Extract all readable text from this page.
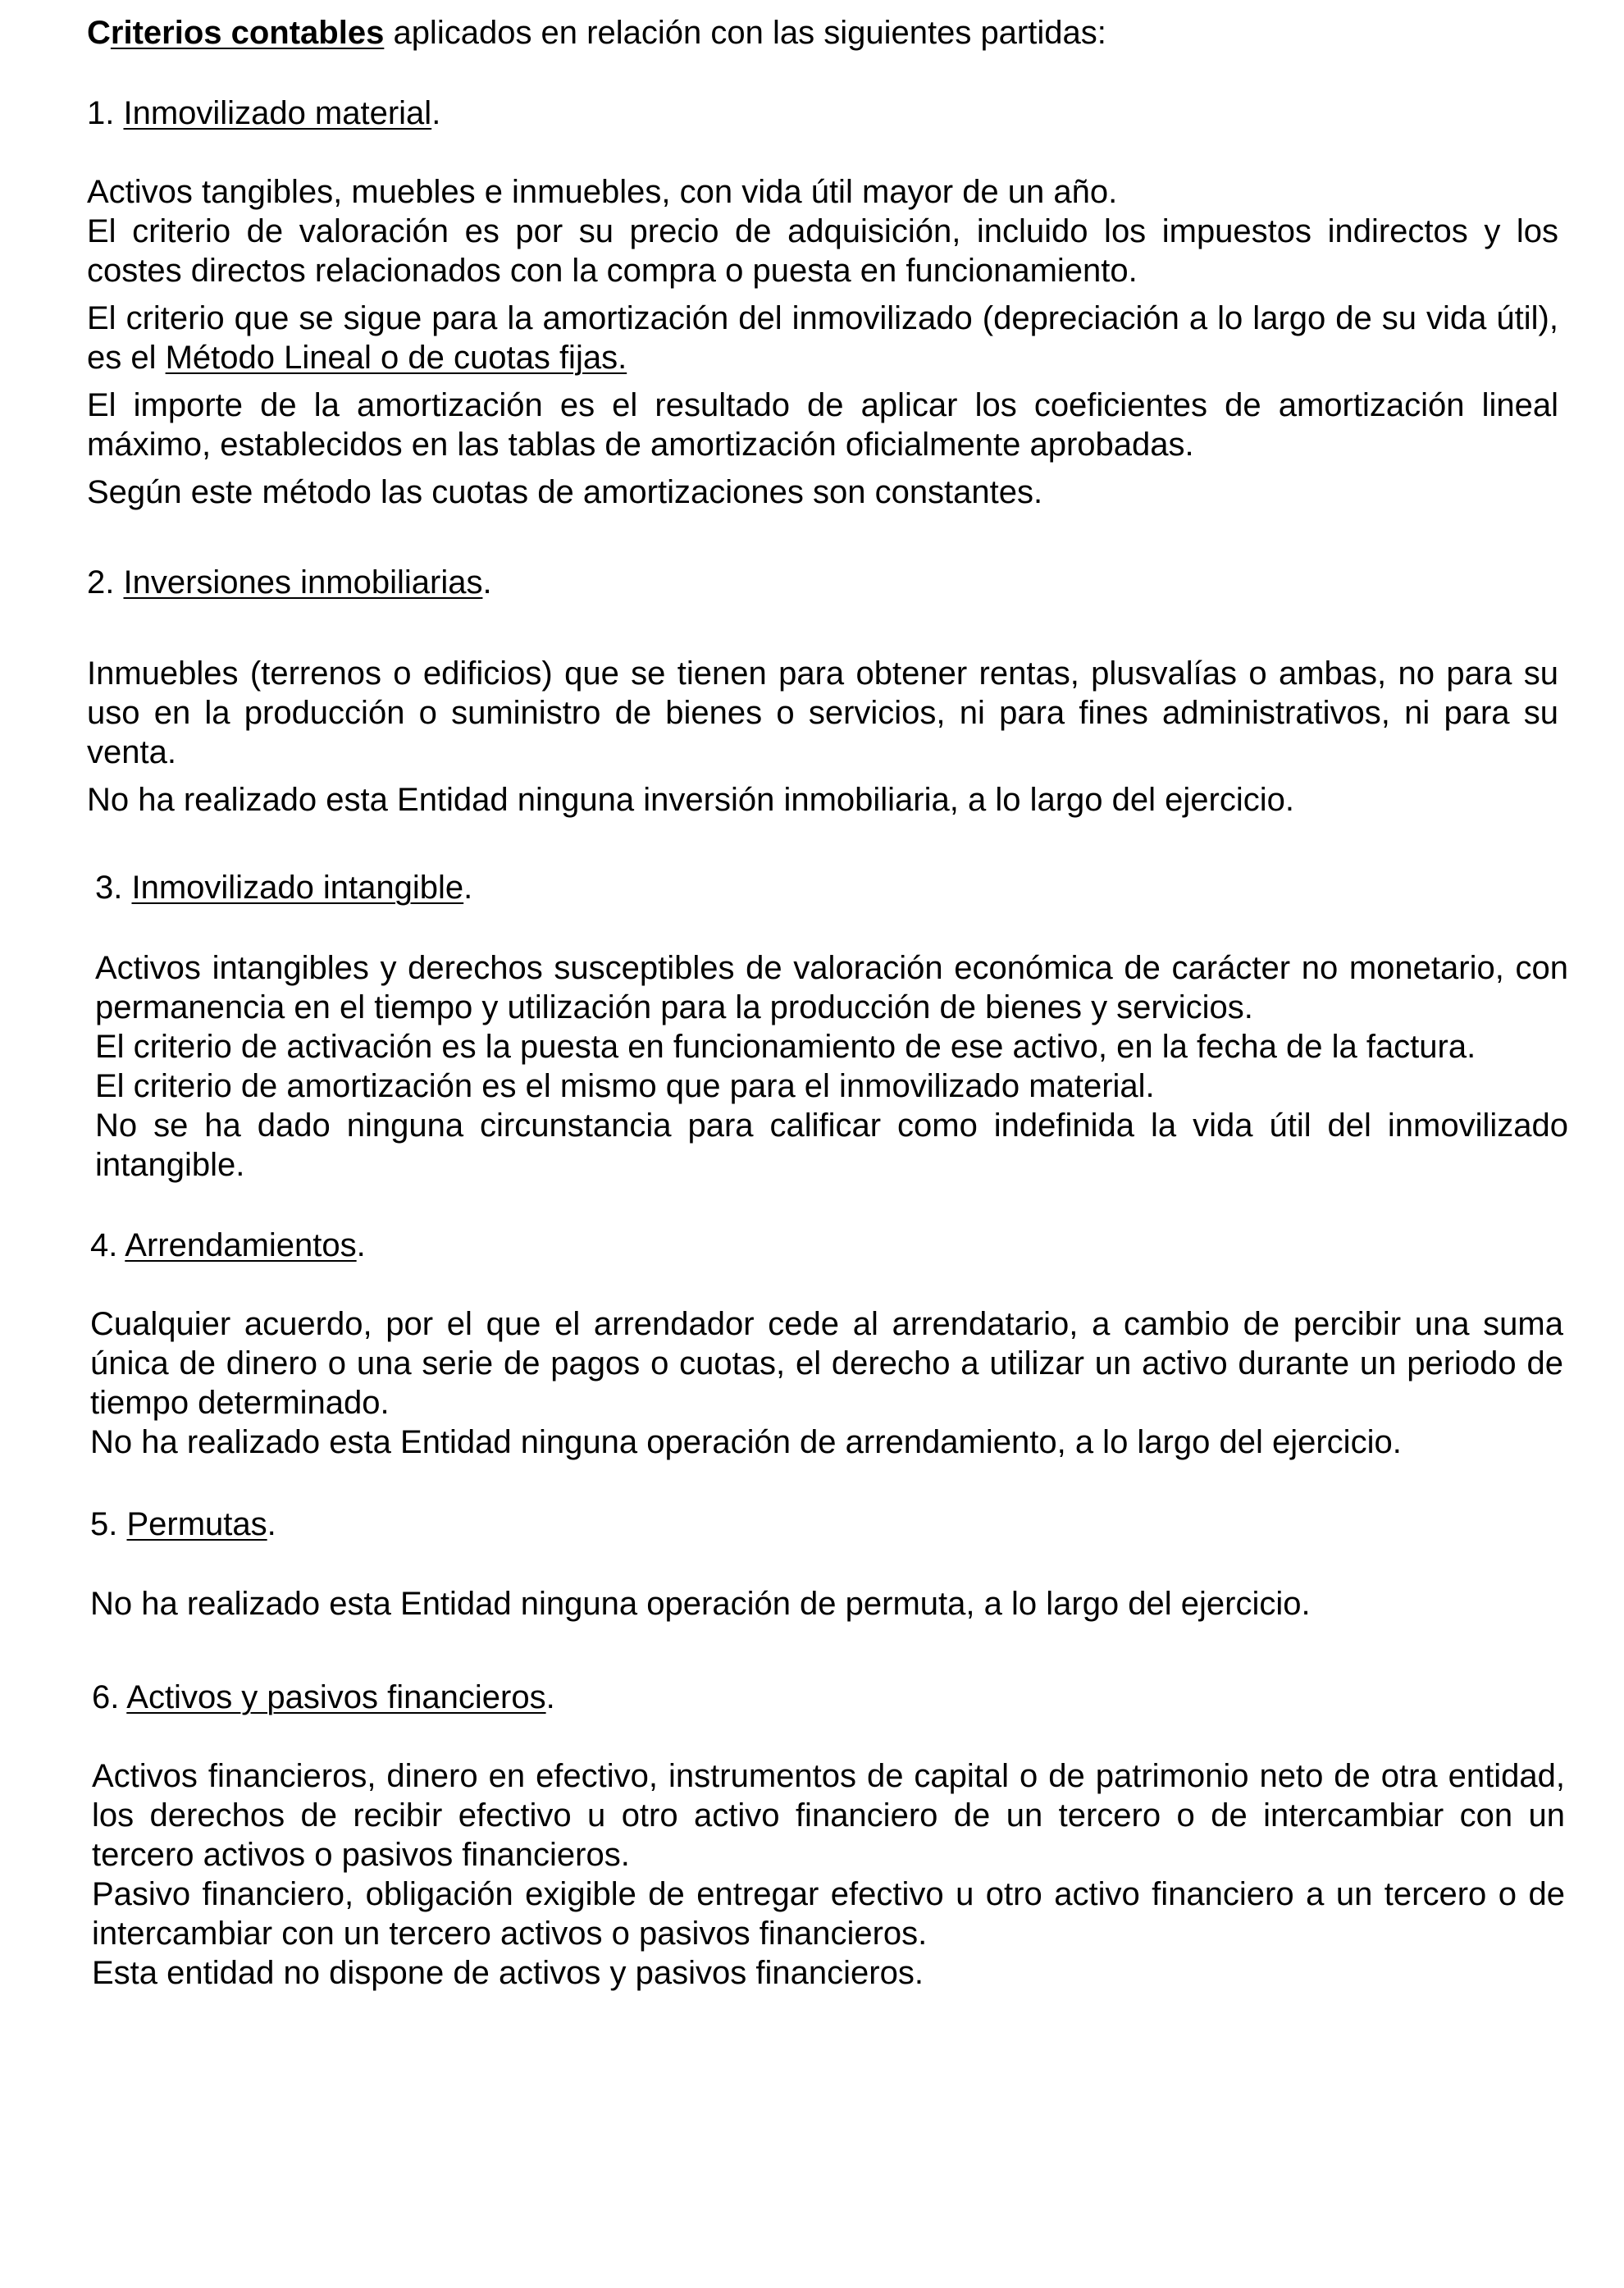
Criterios contables aplicados en relación con las siguientes partidas:

1. Inmovilizado material.

Activos tangibles, muebles e inmuebles, con vida útil mayor de un año.

El criterio de valoración es por su precio de adquisición, incluido los impuestos indirectos y los costes directos relacionados con la compra o puesta en funcionamiento.

El criterio que se sigue para la amortización del inmovilizado (depreciación a lo largo de su vida útil), es el Método Lineal o de cuotas fijas.

El importe de la amortización es el resultado de aplicar los coeficientes de amortización lineal máximo, establecidos en las tablas de amortización oficialmente aprobadas.

Según este método las cuotas de amortizaciones son constantes.

2. Inversiones inmobiliarias.

Inmuebles (terrenos o edificios) que se tienen para obtener rentas, plusvalías o ambas, no para su uso en la producción o suministro de bienes o servicios, ni para fines administrativos, ni para su venta.

No ha realizado esta Entidad ninguna inversión inmobiliaria, a lo largo del ejercicio.

3. Inmovilizado intangible.

Activos intangibles y derechos susceptibles de valoración económica de carácter no monetario, con permanencia en el tiempo y utilización para la producción de bienes y servicios.

El criterio de activación es la puesta en funcionamiento de ese activo, en la fecha de la factura.

El criterio de amortización es el mismo que para el inmovilizado material.

No se ha dado ninguna circunstancia para calificar como indefinida la vida útil del inmovilizado intangible.

4. Arrendamientos.

Cualquier acuerdo, por el que el arrendador cede al arrendatario, a cambio de percibir una suma única de dinero o una serie de pagos o cuotas, el derecho a utilizar un activo durante un periodo de tiempo determinado.

No ha realizado esta Entidad ninguna operación de arrendamiento, a lo largo del ejercicio.

5. Permutas.

No ha realizado esta Entidad ninguna operación de permuta, a lo largo del ejercicio.

6. Activos y pasivos financieros.

Activos financieros, dinero en efectivo, instrumentos de capital o de patrimonio neto de otra entidad, los derechos de recibir efectivo u otro activo financiero de un tercero o de intercambiar con un tercero activos o pasivos financieros.

Pasivo financiero, obligación exigible de entregar efectivo u otro activo financiero a un tercero o de intercambiar con un tercero activos o pasivos financieros.

Esta entidad no dispone de activos y pasivos financieros.
